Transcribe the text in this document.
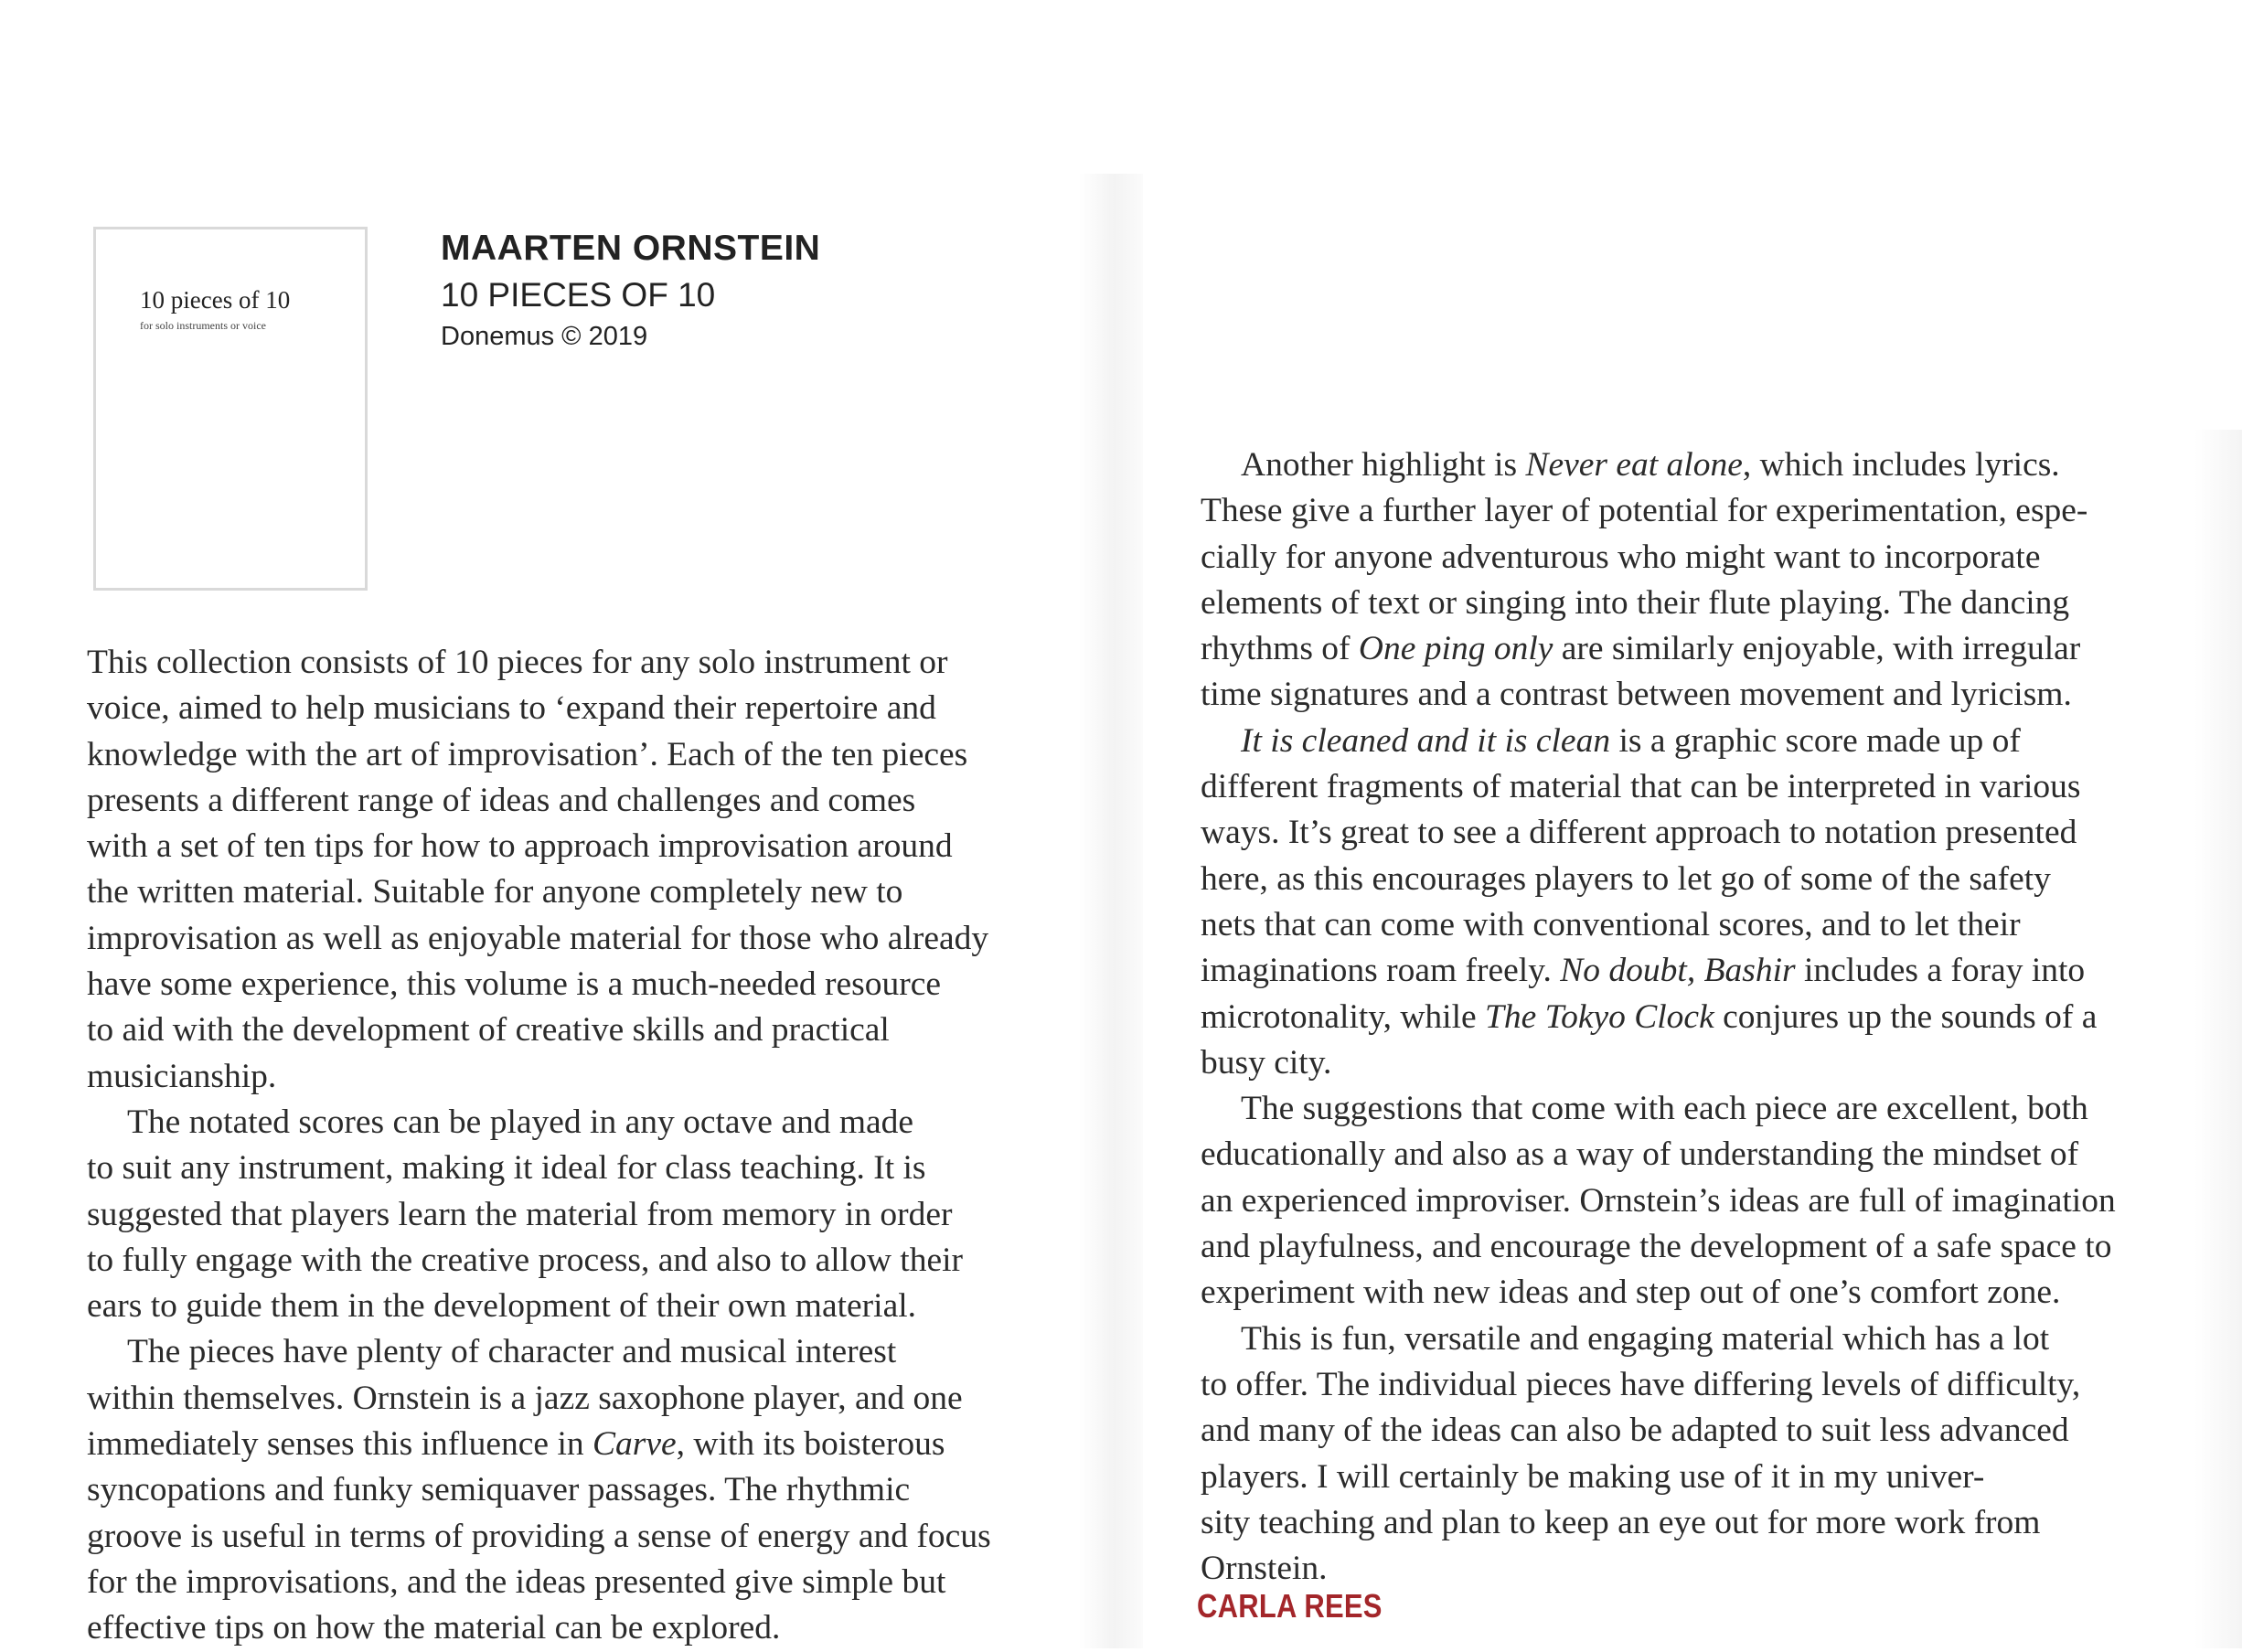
10 pieces of 10
for solo instruments or voice
MAARTEN ORNSTEIN
10 PIECES OF 10
Donemus © 2019
This collection consists of 10 pieces for any solo instrument or
voice, aimed to help musicians to ‘expand their repertoire and
knowledge with the art of improvisation’. Each of the ten pieces
presents a different range of ideas and challenges and comes
with a set of ten tips for how to approach improvisation around
the written material. Suitable for anyone completely new to
improvisation as well as enjoyable material for those who already
have some experience, this volume is a much-needed resource
to aid with the development of creative skills and practical
musicianship.
The notated scores can be played in any octave and made
to suit any instrument, making it ideal for class teaching. It is
suggested that players learn the material from memory in order
to fully engage with the creative process, and also to allow their
ears to guide them in the development of their own material.
The pieces have plenty of character and musical interest
within themselves. Ornstein is a jazz saxophone player, and one
immediately senses this influence in Carve, with its boisterous
syncopations and funky semiquaver passages. The rhythmic
groove is useful in terms of providing a sense of energy and focus
for the improvisations, and the ideas presented give simple but
effective tips on how the material can be explored.
Another highlight is Never eat alone, which includes lyrics.
These give a further layer of potential for experimentation, espe-
cially for anyone adventurous who might want to incorporate
elements of text or singing into their flute playing. The dancing
rhythms of One ping only are similarly enjoyable, with irregular
time signatures and a contrast between movement and lyricism.
It is cleaned and it is clean is a graphic score made up of
different fragments of material that can be interpreted in various
ways. It’s great to see a different approach to notation presented
here, as this encourages players to let go of some of the safety
nets that can come with conventional scores, and to let their
imaginations roam freely. No doubt, Bashir includes a foray into
microtonality, while The Tokyo Clock conjures up the sounds of a
busy city.
The suggestions that come with each piece are excellent, both
educationally and also as a way of understanding the mindset of
an experienced improviser. Ornstein’s ideas are full of imagination
and playfulness, and encourage the development of a safe space to
experiment with new ideas and step out of one’s comfort zone.
This is fun, versatile and engaging material which has a lot
to offer. The individual pieces have differing levels of difficulty,
and many of the ideas can also be adapted to suit less advanced
players. I will certainly be making use of it in my univer-
sity teaching and plan to keep an eye out for more work from
Ornstein.
CARLA REES
